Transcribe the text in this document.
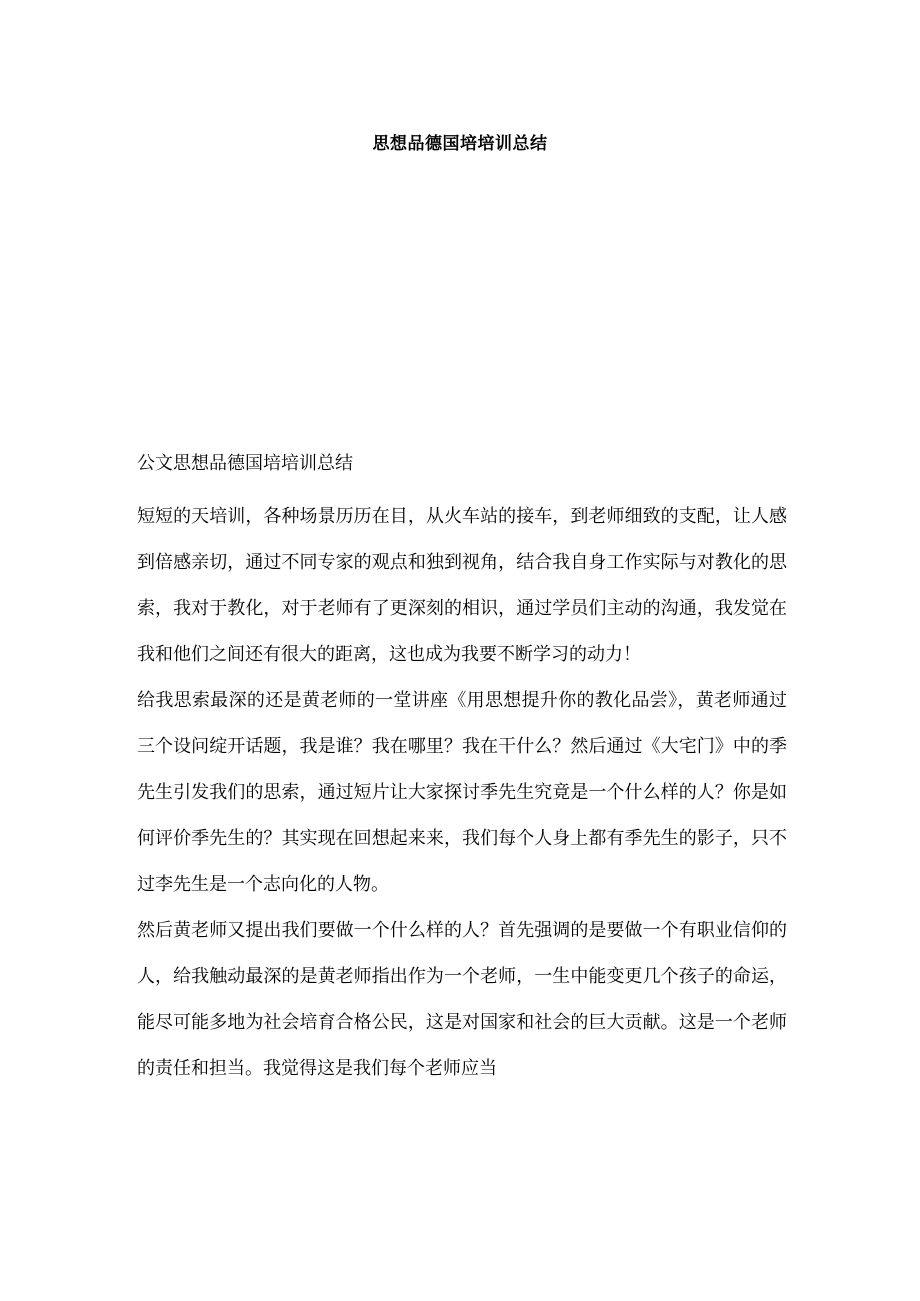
思想品德国培培训总结
公文思想品德国培培训总结

短短的天培训，各种场景历历在目，从火车站的接车，到老师细致的支配，让人感到倍感亲切，通过不同专家的观点和独到视角，结合我自身工作实际与对教化的思索，我对于教化，对于老师有了更深刻的相识，通过学员们主动的沟通，我发觉在我和他们之间还有很大的距离，这也成为我要不断学习的动力！

给我思索最深的还是黄老师的一堂讲座《用思想提升你的教化品尝》，黄老师通过三个设问绽开话题，我是谁？我在哪里？我在干什么？然后通过《大宅门》中的季先生引发我们的思索，通过短片让大家探讨季先生究竟是一个什么样的人？你是如何评价季先生的？其实现在回想起来来，我们每个人身上都有季先生的影子，只不过李先生是一个志向化的人物。

然后黄老师又提出我们要做一个什么样的人？首先强调的是要做一个有职业信仰的人，给我触动最深的是黄老师指出作为一个老师，一生中能变更几个孩子的命运，能尽可能多地为社会培育合格公民，这是对国家和社会的巨大贡献。这是一个老师的责任和担当。我觉得这是我们每个老师应当
